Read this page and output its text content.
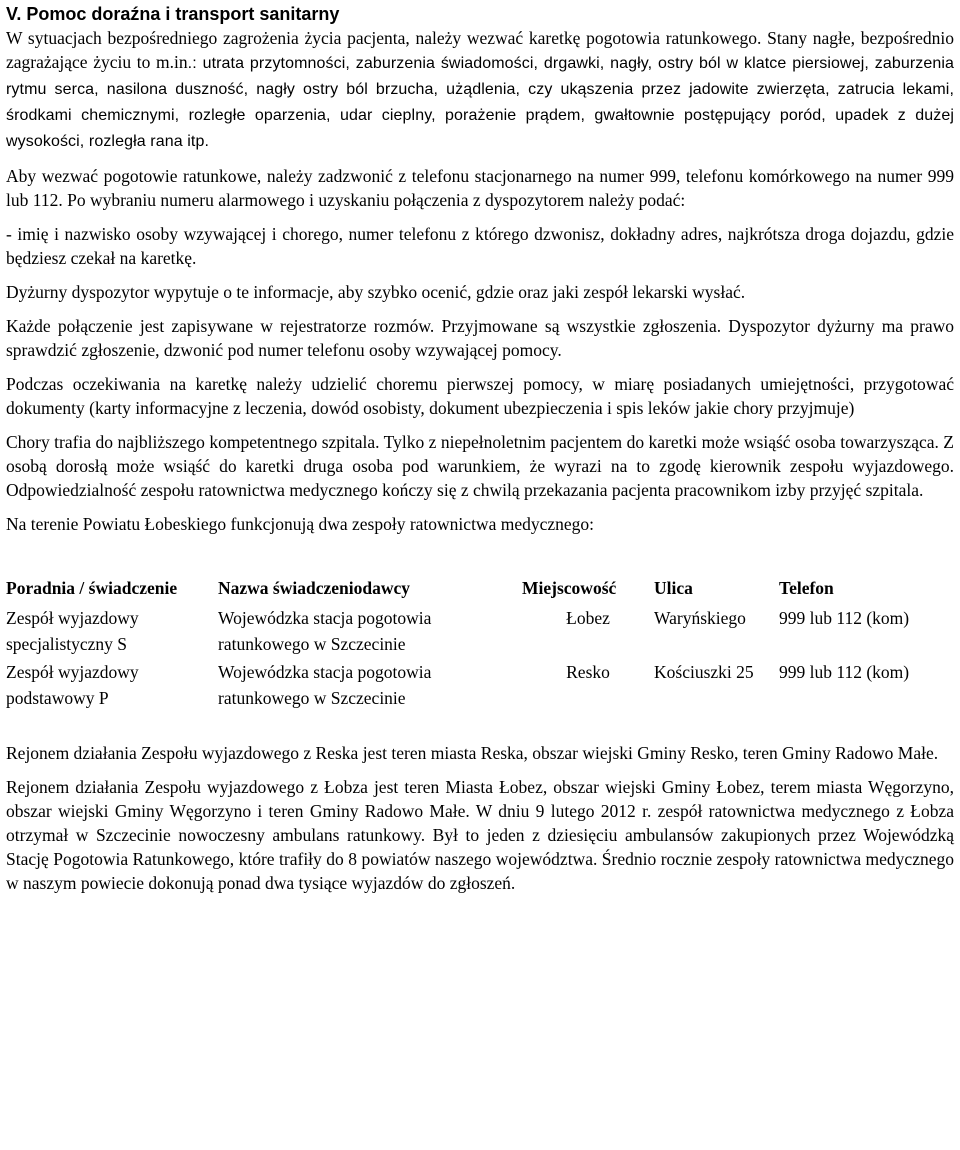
V. Pomoc doraźna i transport sanitarny

W sytuacjach bezpośredniego zagrożenia życia pacjenta, należy wezwać karetkę pogotowia ratunkowego. Stany nagłe, bezpośrednio zagrażające życiu to m.in.: utrata przytomności, zaburzenia świadomości, drgawki, nagły, ostry ból w klatce piersiowej, zaburzenia rytmu serca, nasilona duszność, nagły ostry ból brzucha, użądlenia, czy ukąszenia przez jadowite zwierzęta, zatrucia lekami, środkami chemicznymi, rozległe oparzenia, udar cieplny, porażenie prądem, gwałtownie postępujący poród, upadek z dużej wysokości, rozległa rana itp.

Aby wezwać pogotowie ratunkowe, należy zadzwonić z telefonu stacjonarnego na numer 999, telefonu komórkowego na numer 999 lub 112. Po wybraniu numeru alarmowego i uzyskaniu połączenia z dyspozytorem należy podać:

- imię i nazwisko osoby wzywającej i chorego, numer telefonu z którego dzwonisz, dokładny adres, najkrótsza droga dojazdu, gdzie będziesz czekał na karetkę.

Dyżurny dyspozytor wypytuje o te informacje, aby szybko ocenić, gdzie oraz jaki zespół lekarski wysłać.

Każde połączenie jest zapisywane w rejestratorze rozmów. Przyjmowane są wszystkie zgłoszenia. Dyspozytor dyżurny ma prawo sprawdzić zgłoszenie, dzwonić pod numer telefonu osoby wzywającej pomocy.

Podczas oczekiwania na karetkę należy udzielić choremu pierwszej pomocy, w miarę posiadanych umiejętności, przygotować dokumenty (karty informacyjne z leczenia, dowód osobisty, dokument ubezpieczenia i spis leków jakie chory przyjmuje)

Chory trafia do najbliższego kompetentnego szpitala. Tylko z niepełnoletnim pacjentem do karetki może wsiąść osoba towarzysząca. Z osobą dorosłą może wsiąść do karetki druga osoba pod warunkiem, że wyrazi na to zgodę kierownik zespołu wyjazdowego. Odpowiedzialność zespołu ratownictwa medycznego kończy się z chwilą przekazania pacjenta pracownikom izby przyjęć szpitala.

Na terenie Powiatu Łobeskiego funkcjonują dwa zespoły ratownictwa medycznego:

Poradnia / świadczenie	Nazwa świadczeniodawcy	Miejscowość	Ulica	Telefon
Zespół wyjazdowy specjalistyczny S	Wojewódzka stacja pogotowia ratunkowego w Szczecinie	Łobez	Waryńskiego	999 lub 112 (kom)
Zespół wyjazdowy podstawowy P	Wojewódzka stacja pogotowia ratunkowego w Szczecinie	Resko	Kościuszki 25	999 lub 112 (kom)

Rejonem działania Zespołu wyjazdowego z Reska jest teren miasta Reska, obszar wiejski Gminy Resko, teren Gminy Radowo Małe.

Rejonem działania Zespołu wyjazdowego z Łobza jest teren Miasta Łobez, obszar wiejski Gminy Łobez, terem miasta Węgorzyno, obszar wiejski Gminy Węgorzyno i teren Gminy Radowo Małe. W dniu 9 lutego 2012 r. zespół ratownictwa medycznego z Łobza otrzymał w Szczecinie nowoczesny ambulans ratunkowy. Był to jeden z dziesięciu ambulansów zakupionych przez Wojewódzką Stację Pogotowia Ratunkowego, które trafiły do 8 powiatów naszego województwa. Średnio rocznie zespoły ratownictwa medycznego w naszym powiecie dokonują ponad dwa tysiące wyjazdów do zgłoszeń.
